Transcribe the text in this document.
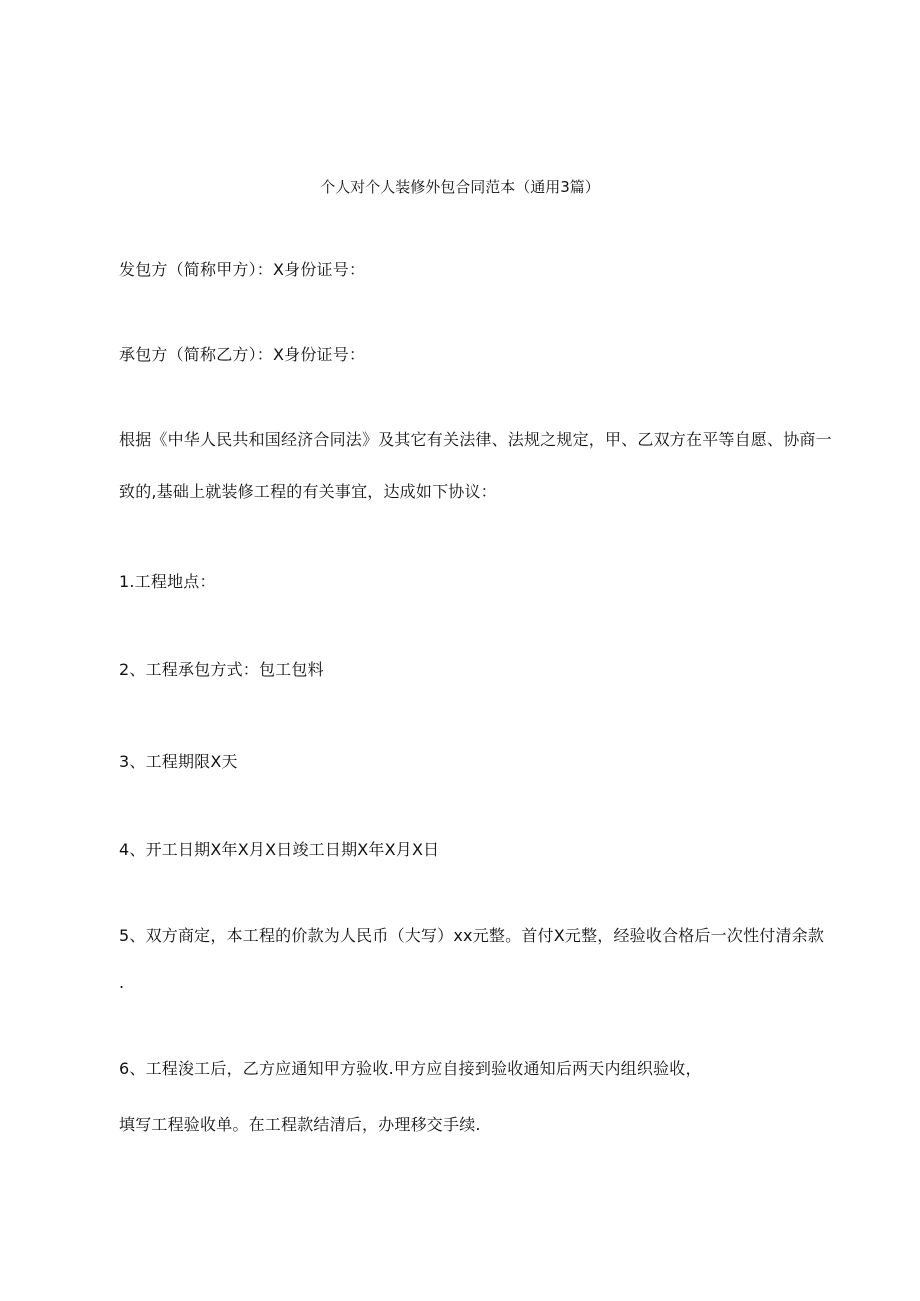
个人对个人装修外包合同范本（通用3篇）
发包方（简称甲方）：X身份证号：
承包方（简称乙方）：X身份证号：
根据《中华人民共和国经济合同法》及其它有关法律、法规之规定，甲、乙双方在平等自愿、协商一
致的,基础上就装修工程的有关事宜，达成如下协议：
1.工程地点：
2、工程承包方式：包工包料
3、工程期限X天
4、开工日期X年X月X日竣工日期X年X月X日
5、双方商定，本工程的价款为人民币（大写）xx元整。首付X元整，经验收合格后一次性付清余款
.
6、工程浚工后，乙方应通知甲方验收.甲方应自接到验收通知后两天内组织验收，
填写工程验收单。在工程款结清后，办理移交手续.
